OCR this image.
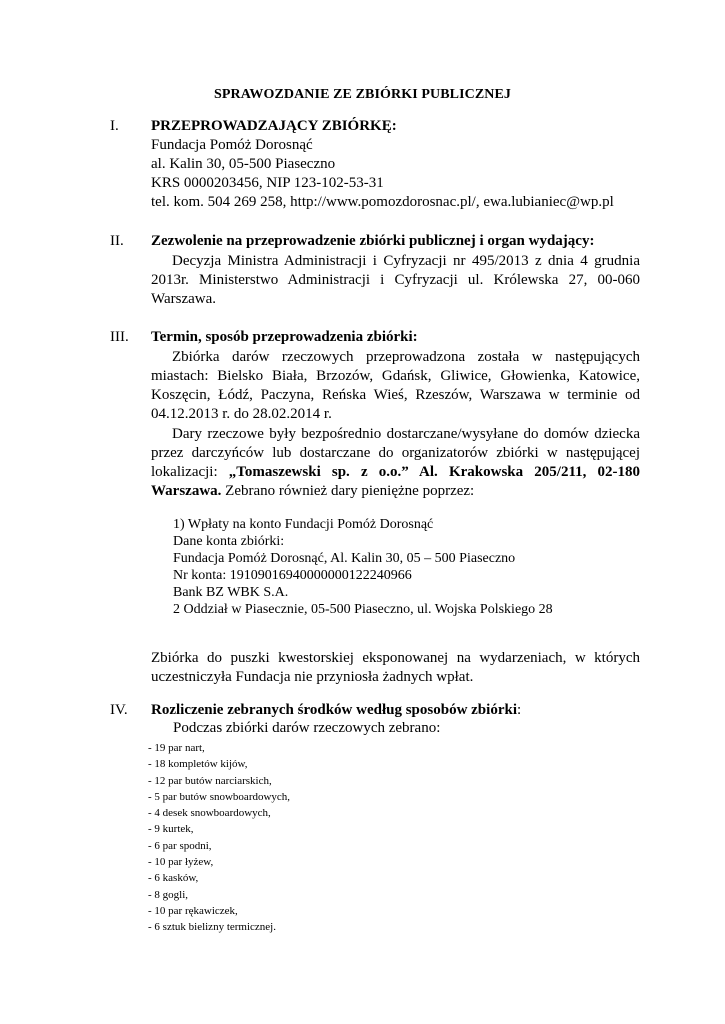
SPRAWOZDANIE ZE ZBIÓRKI PUBLICZNEJ
I. PRZEPROWADZAJĄCY ZBIÓRKĘ:
Fundacja Pomóż Dorosnąć
al. Kalin 30, 05-500 Piaseczno
KRS 0000203456, NIP 123-102-53-31
tel. kom. 504 269 258, http://www.pomozdorosnac.pl/, ewa.lubianiec@wp.pl
II. Zezwolenie na przeprowadzenie zbiórki publicznej i organ wydający:
Decyzja Ministra Administracji i Cyfryzacji nr 495/2013 z dnia 4 grudnia 2013r. Ministerstwo Administracji i Cyfryzacji ul. Królewska 27, 00-060 Warszawa.
III. Termin, sposób przeprowadzenia zbiórki:
Zbiórka darów rzeczowych przeprowadzona została w następujących miastach: Bielsko Biała, Brzozów, Gdańsk, Gliwice, Głowienka, Katowice, Koszęcin, Łódź, Paczyna, Reńska Wieś, Rzeszów, Warszawa w terminie od 04.12.2013 r. do 28.02.2014 r.
Dary rzeczowe były bezpośrednio dostarczane/wysyłane do domów dziecka przez darczyńców lub dostarczane do organizatorów zbiórki w następującej lokalizacji: „Tomaszewski sp. z o.o.” Al. Krakowska 205/211, 02-180 Warszawa. Zebrano również dary pieniężne poprzez:
1) Wpłaty na konto Fundacji Pomóż Dorosnąć
Dane konta zbiórki:
Fundacja Pomóż Dorosnąć, Al. Kalin 30, 05 – 500 Piaseczno
Nr konta: 19109016940000000122240966
Bank BZ WBK S.A.
2 Oddział w Piasecznie, 05-500 Piaseczno, ul. Wojska Polskiego 28
Zbiórka do puszki kwestorskiej eksponowanej na wydarzeniach, w których uczestniczyła Fundacja nie przyniosła żadnych wpłat.
IV. Rozliczenie zebranych środków według sposobów zbiórki:
Podczas zbiórki darów rzeczowych zebrano:
- 19 par nart,
- 18 kompletów kijów,
- 12 par butów narciarskich,
- 5 par butów snowboardowych,
- 4 desek snowboardowych,
- 9 kurtek,
- 6 par spodni,
- 10 par łyżew,
- 6 kasków,
- 8 gogli,
- 10 par rękawiczek,
- 6 sztuk bielizny termicznej.
